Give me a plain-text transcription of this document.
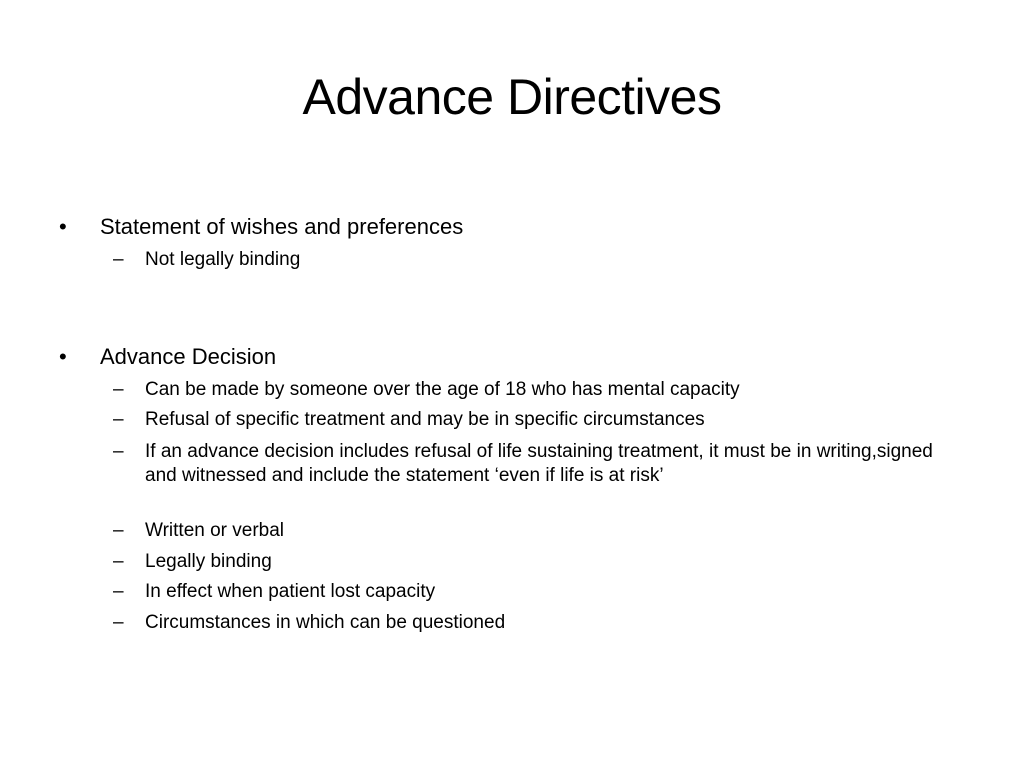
Advance Directives
• Statement of wishes and preferences
– Not legally binding
• Advance Decision
– Can be made by someone over the age of 18 who has mental capacity
– Refusal of specific treatment and may be in specific circumstances
– If an advance decision includes refusal of life sustaining treatment, it must be in writing,signed and witnessed and include the statement ‘even if life is at risk’
– Written or verbal
– Legally binding
– In effect when patient lost capacity
– Circumstances in which can be questioned
